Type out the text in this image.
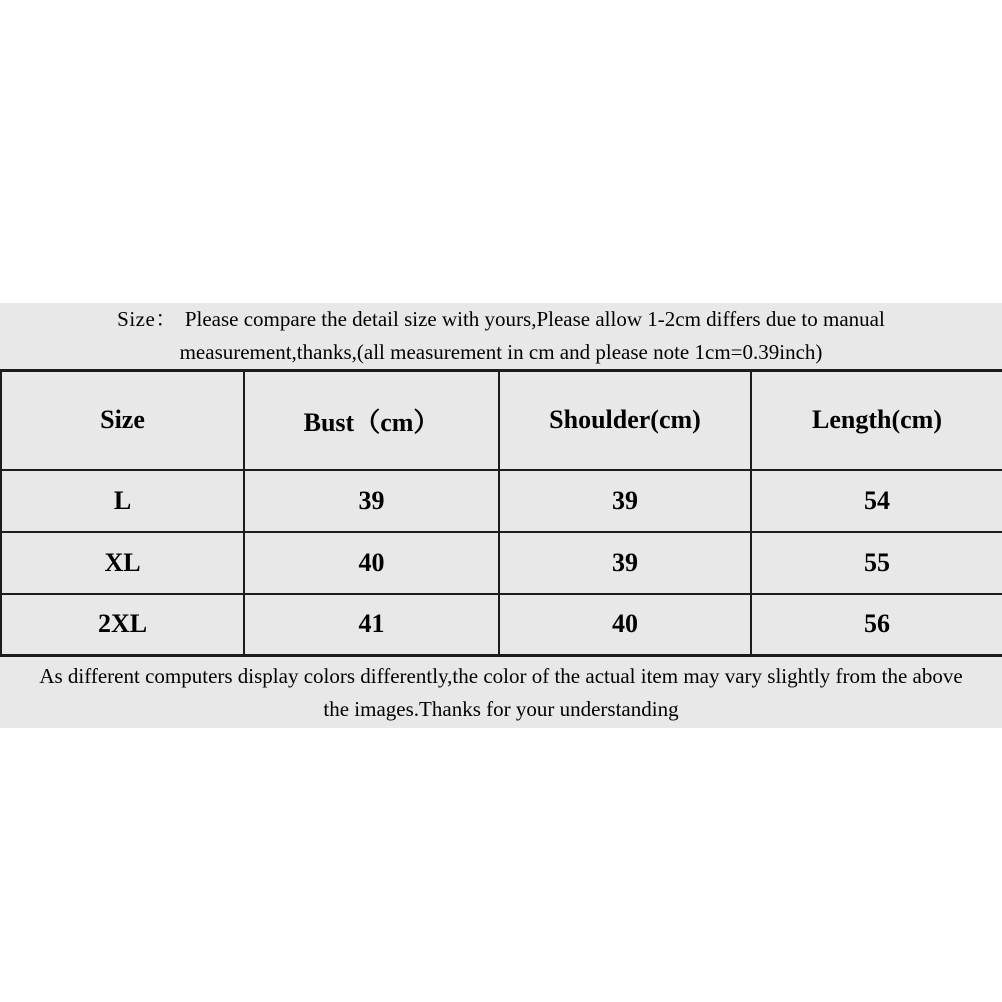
Size： Please compare the detail size with yours,Please allow 1-2cm differs due to manual
measurement,thanks,(all measurement in cm and please note 1cm=0.39inch)
Size	Bust（cm）	Shoulder(cm)	Length(cm)
L	39	39	54
XL	40	39	55
2XL	41	40	56
As different computers display colors differently,the color of the actual item may vary slightly from the above
the images.Thanks for your understanding
